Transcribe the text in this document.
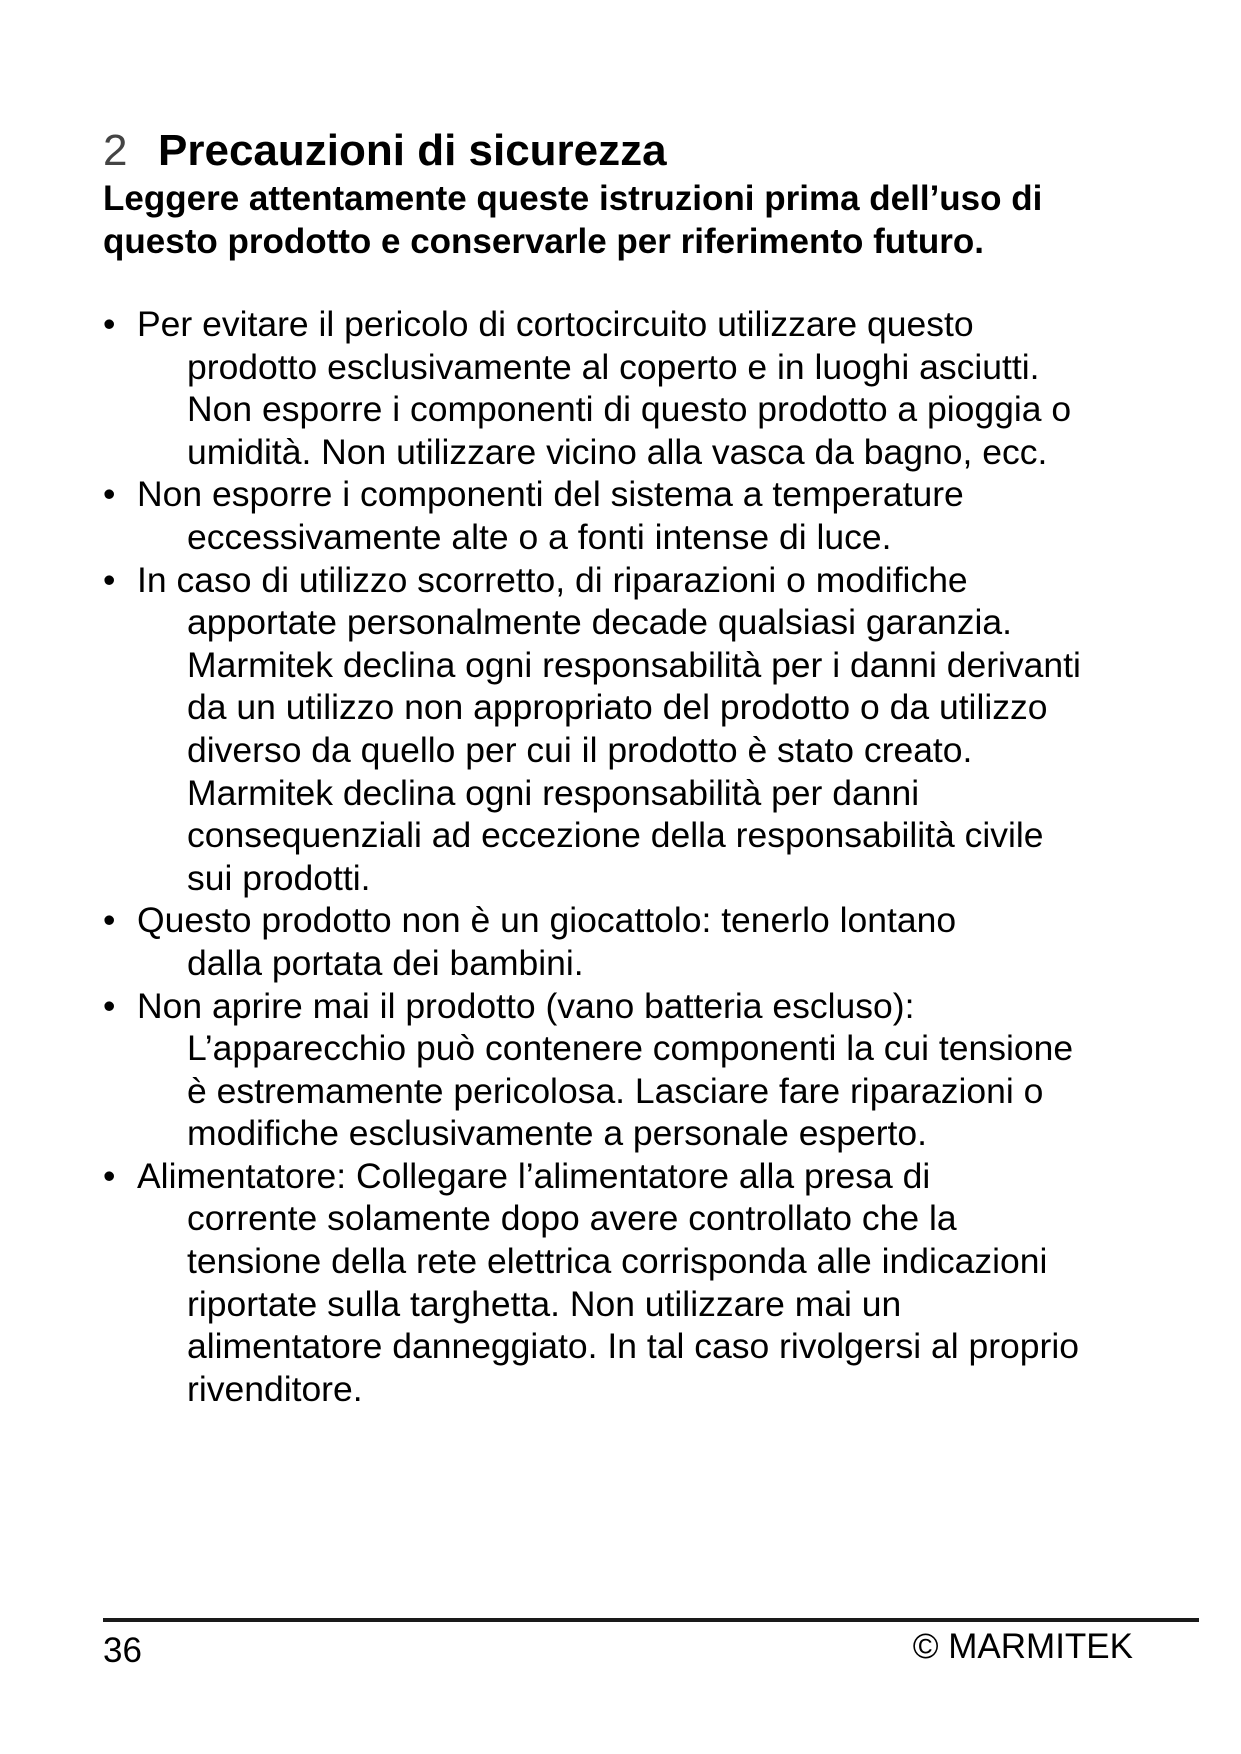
2 Precauzioni di sicurezza

Leggere attentamente queste istruzioni prima dell’uso di
questo prodotto e conservarle per riferimento futuro.

• Per evitare il pericolo di cortocircuito utilizzare questo
prodotto esclusivamente al coperto e in luoghi asciutti.
Non esporre i componenti di questo prodotto a pioggia o
umidità. Non utilizzare vicino alla vasca da bagno, ecc.
• Non esporre i componenti del sistema a temperature
eccessivamente alte o a fonti intense di luce.
• In caso di utilizzo scorretto, di riparazioni o modifiche
apportate personalmente decade qualsiasi garanzia.
Marmitek declina ogni responsabilità per i danni derivanti
da un utilizzo non appropriato del prodotto o da utilizzo
diverso da quello per cui il prodotto è stato creato.
Marmitek declina ogni responsabilità per danni
consequenziali ad eccezione della responsabilità civile
sui prodotti.
• Questo prodotto non è un giocattolo: tenerlo lontano
dalla portata dei bambini.
• Non aprire mai il prodotto (vano batteria escluso):
L’apparecchio può contenere componenti la cui tensione
è estremamente pericolosa. Lasciare fare riparazioni o
modifiche esclusivamente a personale esperto.
• Alimentatore: Collegare l’alimentatore alla presa di
corrente solamente dopo avere controllato che la
tensione della rete elettrica corrisponda alle indicazioni
riportate sulla targhetta. Non utilizzare mai un
alimentatore danneggiato. In tal caso rivolgersi al proprio
rivenditore.
36	© MARMITEK
